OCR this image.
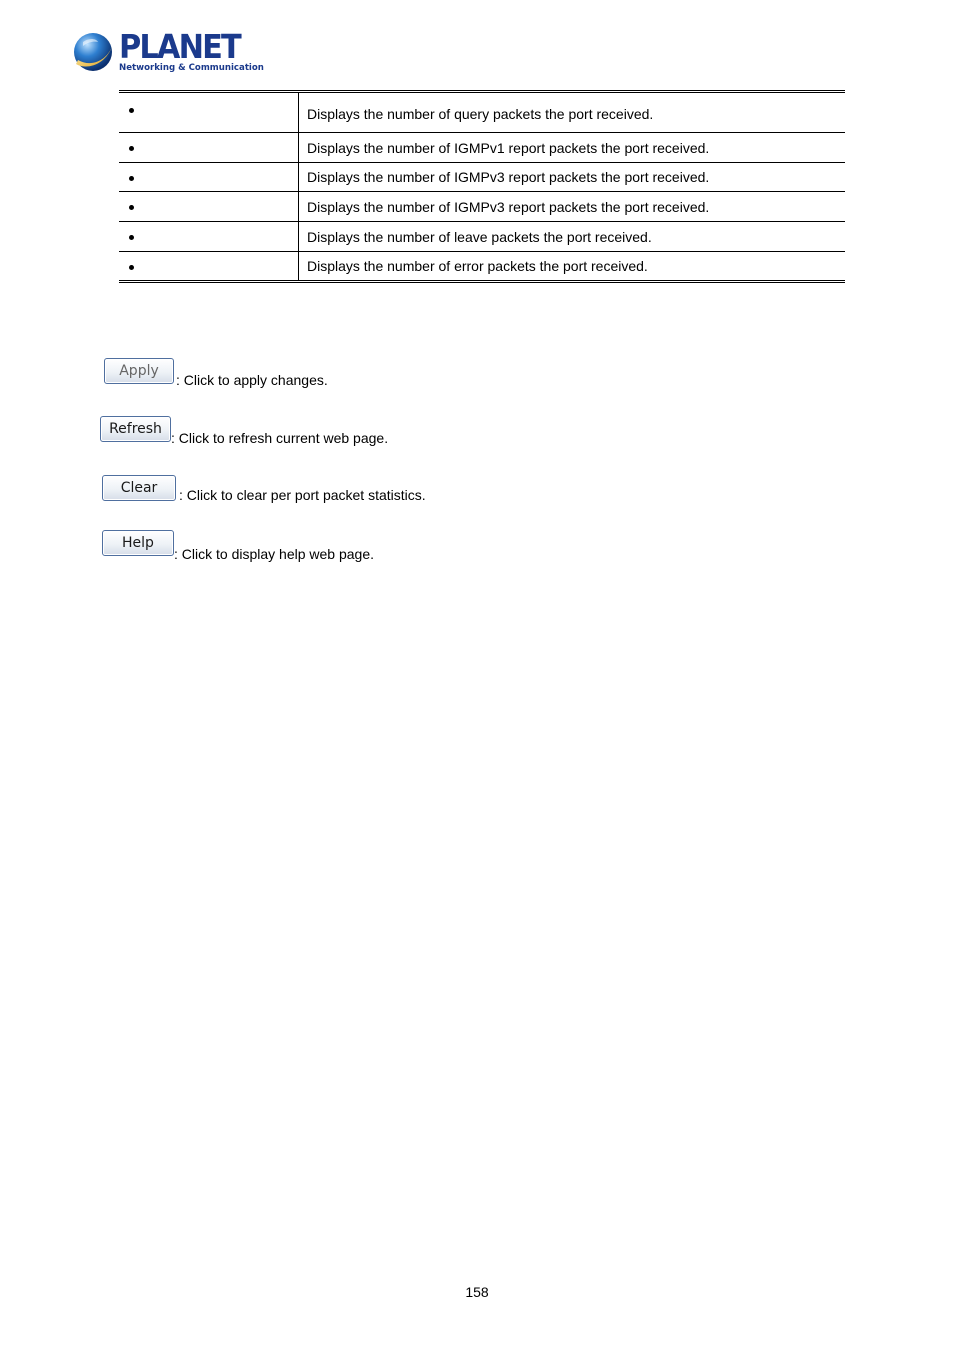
PLANET
Networking & Communication
	Displays the number of query packets the port received.

	Displays the number of IGMPv1 report packets the port received.

	Displays the number of IGMPv3 report packets the port received.

	Displays the number of IGMPv3 report packets the port received.

	Displays the number of leave packets the port received.

	Displays the number of error packets the port received.
Apply
: Click to apply changes.
Refresh
: Click to refresh current web page.
Clear	: Click to clear per port packet statistics.
Help
: Click to display help web page.
158
